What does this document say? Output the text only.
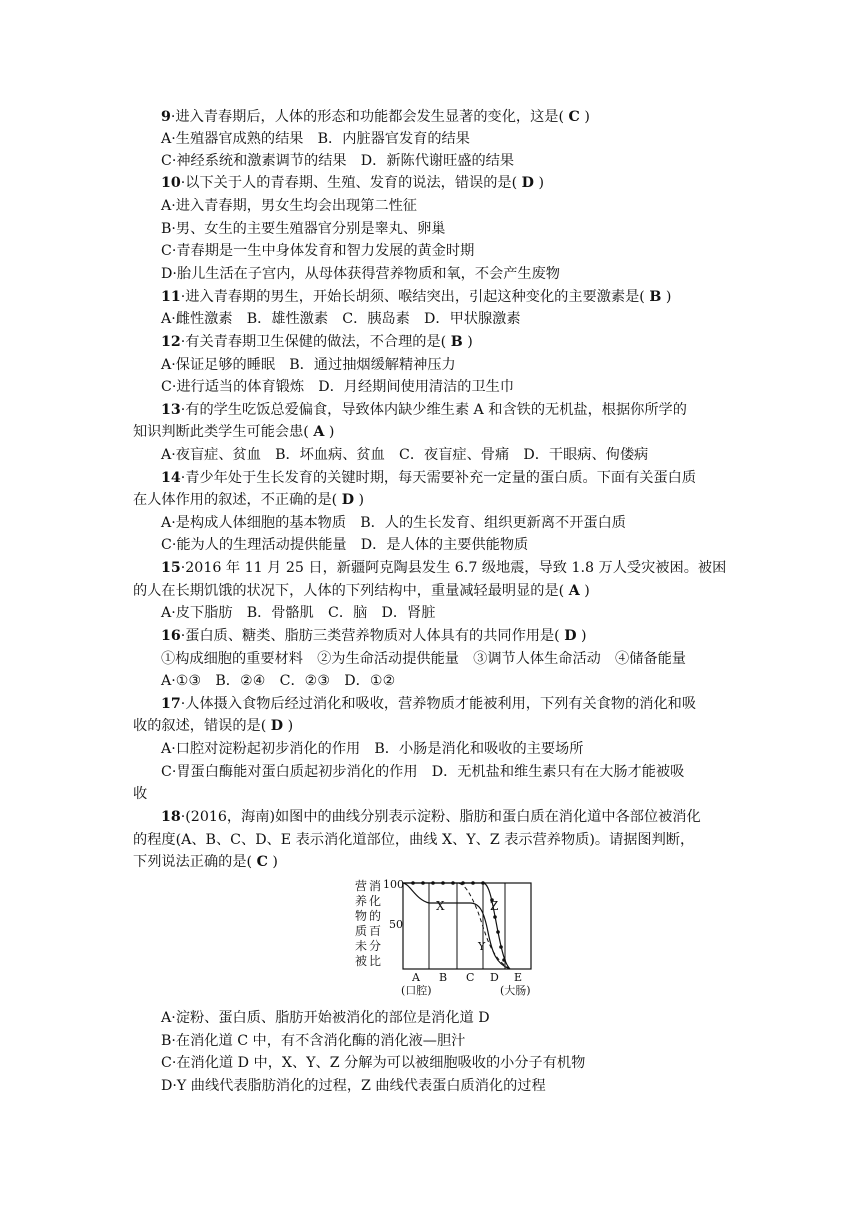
9·进入青春期后，人体的形态和功能都会发生显著的变化，这是( C )
A·生殖器官成熟的结果　B．内脏器官发育的结果
C·神经系统和激素调节的结果　D．新陈代谢旺盛的结果
10·以下关于人的青春期、生殖、发育的说法，错误的是( D )
A·进入青春期，男女生均会出现第二性征
B·男、女生的主要生殖器官分别是睾丸、卵巢
C·青春期是一生中身体发育和智力发展的黄金时期
D·胎儿生活在子宫内，从母体获得营养物质和氧，不会产生废物
11·进入青春期的男生，开始长胡须、喉结突出，引起这种变化的主要激素是( B )
A·雌性激素　B．雄性激素　C．胰岛素　D．甲状腺激素
12·有关青春期卫生保健的做法，不合理的是( B )
A·保证足够的睡眠　B．通过抽烟缓解精神压力
C·进行适当的体育锻炼　D．月经期间使用清洁的卫生巾
13·有的学生吃饭总爱偏食，导致体内缺少维生素 A 和含铁的无机盐，根据你所学的
知识判断此类学生可能会患( A )
A·夜盲症、贫血　B．坏血病、贫血　C．夜盲症、骨痛　D．干眼病、佝偻病
14·青少年处于生长发育的关键时期，每天需要补充一定量的蛋白质。下面有关蛋白质
在人体作用的叙述，不正确的是( D )
A·是构成人体细胞的基本物质　B．人的生长发育、组织更新离不开蛋白质
C·能为人的生理活动提供能量　D．是人体的主要供能物质
15·2016 年 11 月 25 日，新疆阿克陶县发生 6.7 级地震，导致 1.8 万人受灾被困。被困
的人在长期饥饿的状况下，人体的下列结构中，重量减轻最明显的是( A )
A·皮下脂肪　B．骨骼肌　C．脑　D．肾脏
16·蛋白质、糖类、脂肪三类营养物质对人体具有的共同作用是( D )
①构成细胞的重要材料　②为生命活动提供能量　③调节人体生命活动　④储备能量
A·①③　B．②④　C．②③　D．①②
17·人体摄入食物后经过消化和吸收，营养物质才能被利用，下列有关食物的消化和吸
收的叙述，错误的是( D )
A·口腔对淀粉起初步消化的作用　B．小肠是消化和吸收的主要场所
C·胃蛋白酶能对蛋白质起初步消化的作用　D．无机盐和维生素只有在大肠才能被吸
收
18·(2016，海南)如图中的曲线分别表示淀粉、脂肪和蛋白质在消化道中各部位被消化
的程度(A、B、C、D、E 表示消化道部位，曲线 X、Y、Z 表示营养物质)。请据图判断，
下列说法正确的是( C )
A·淀粉、蛋白质、脂肪开始被消化的部位是消化道 D
B·在消化道 C 中，有不含消化酶的消化液—胆汁
C·在消化道 D 中，X、Y、Z 分解为可以被细胞吸收的小分子有机物
D·Y 曲线代表脂肪消化的过程，Z 曲线代表蛋白质消化的过程
营 消
养 化
物 的
质 百
未 分
被 比
100
50
X
Y
Z
A B C D E
(口腔)	(大肠)
